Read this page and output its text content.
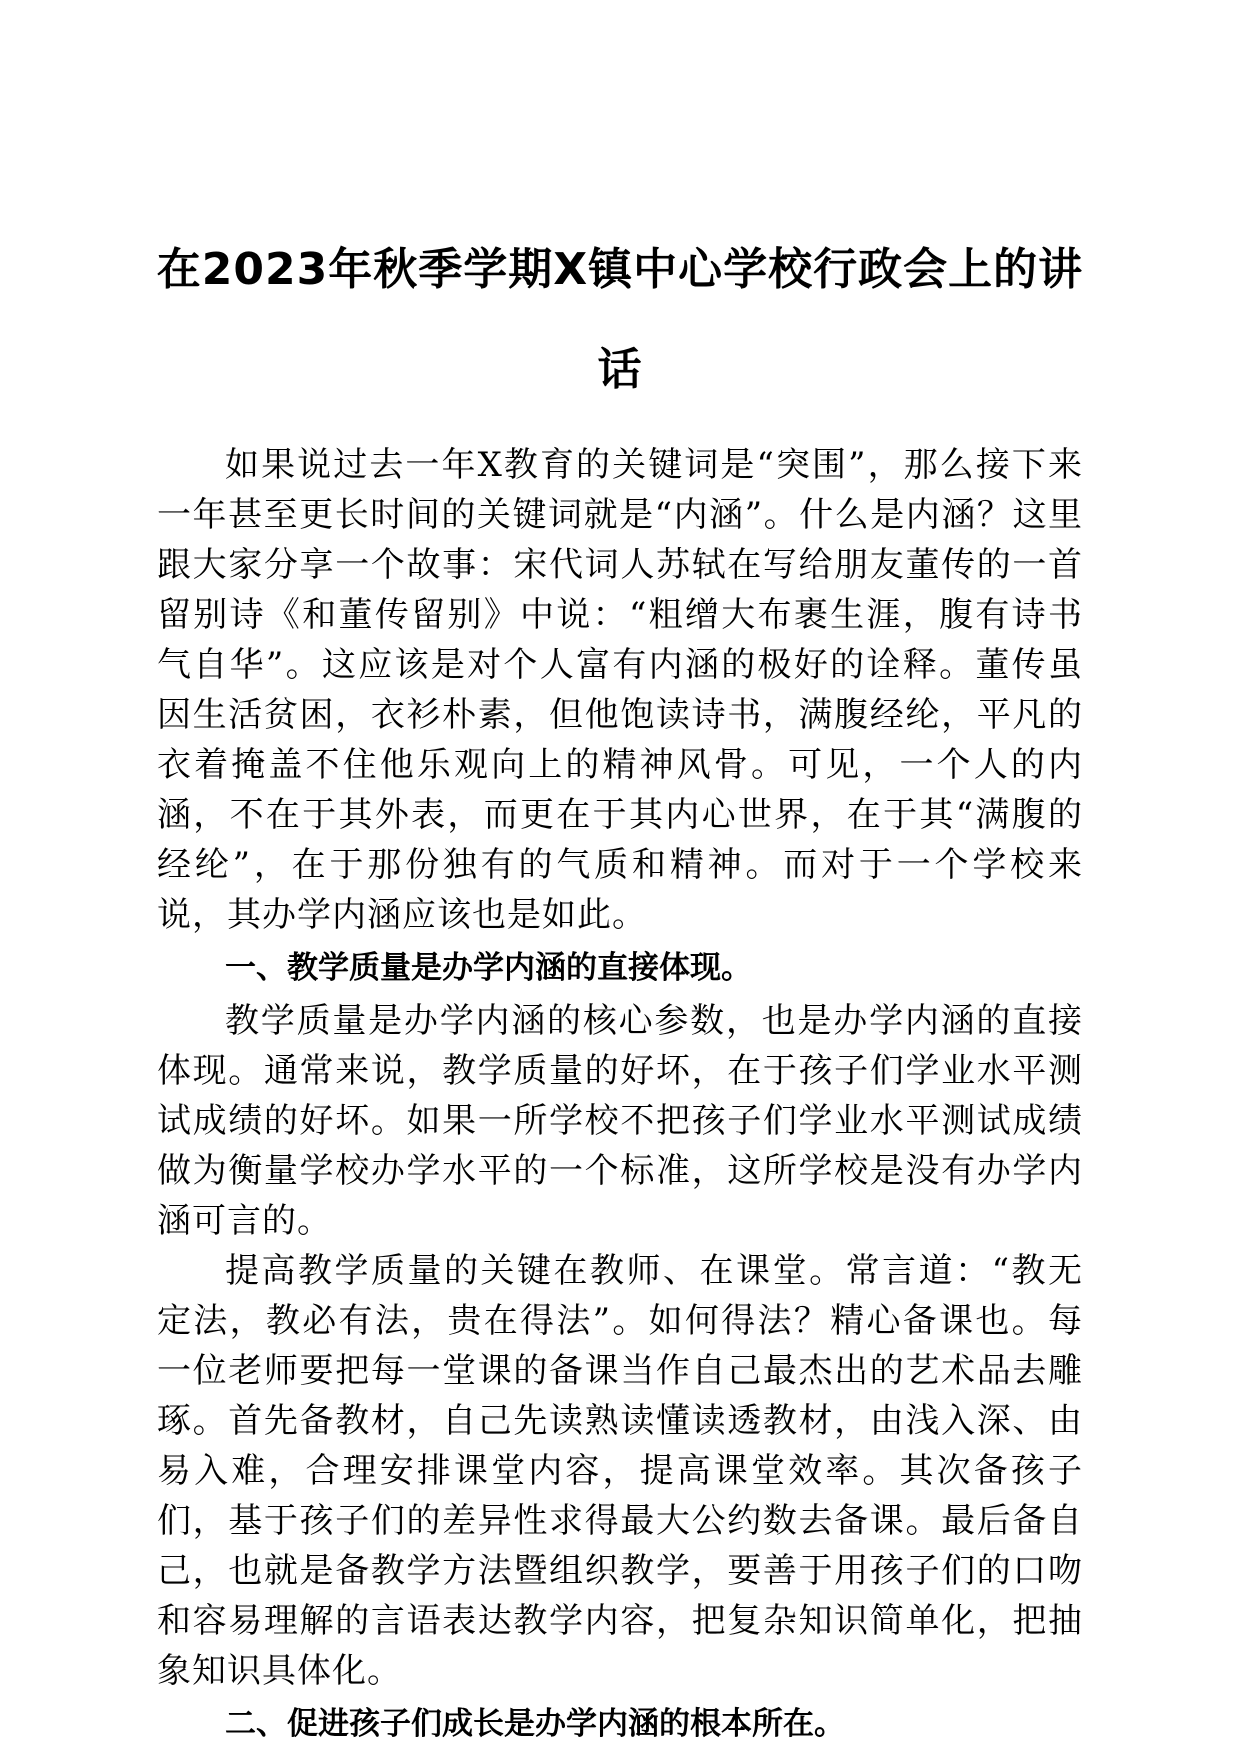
在2023年秋季学期X镇中心学校行政会上的讲话

如果说过去一年X教育的关键词是“突围”，那么接下来一年甚至更长时间的关键词就是“内涵”。什么是内涵？这里跟大家分享一个故事：宋代词人苏轼在写给朋友董传的一首留别诗《和董传留别》中说：“粗缯大布裹生涯，腹有诗书气自华”。这应该是对个人富有内涵的极好的诠释。董传虽因生活贫困，衣衫朴素，但他饱读诗书，满腹经纶，平凡的衣着掩盖不住他乐观向上的精神风骨。可见，一个人的内涵，不在于其外表，而更在于其内心世界，在于其“满腹的经纶”，在于那份独有的气质和精神。而对于一个学校来说，其办学内涵应该也是如此。

一、教学质量是办学内涵的直接体现。

教学质量是办学内涵的核心参数，也是办学内涵的直接体现。通常来说，教学质量的好坏，在于孩子们学业水平测试成绩的好坏。如果一所学校不把孩子们学业水平测试成绩做为衡量学校办学水平的一个标准，这所学校是没有办学内涵可言的。

提高教学质量的关键在教师、在课堂。常言道：“教无定法，教必有法，贵在得法”。如何得法？精心备课也。每一位老师要把每一堂课的备课当作自己最杰出的艺术品去雕琢。首先备教材，自己先读熟读懂读透教材，由浅入深、由易入难，合理安排课堂内容，提高课堂效率。其次备孩子们，基于孩子们的差异性求得最大公约数去备课。最后备自己，也就是备教学方法暨组织教学，要善于用孩子们的口吻和容易理解的言语表达教学内容，把复杂知识简单化，把抽象知识具体化。

二、促进孩子们成长是办学内涵的根本所在。
